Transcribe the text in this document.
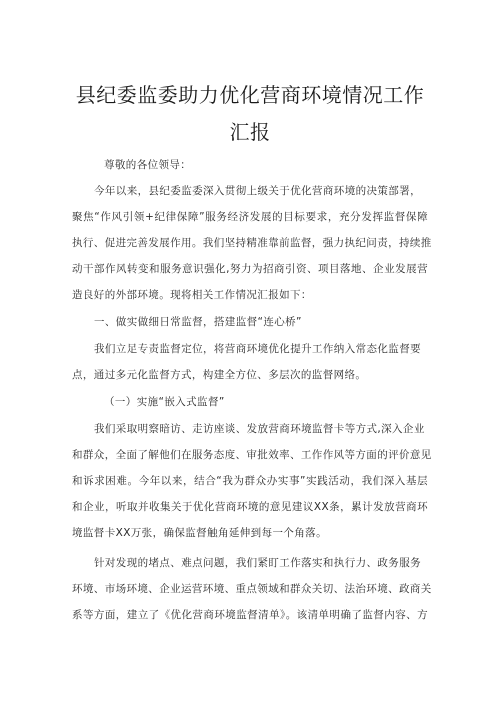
县纪委监委助力优化营商环境情况工作
汇报
尊敬的各位领导：
今年以来，县纪委监委深入贯彻上级关于优化营商环境的决策部署，
聚焦“作风引领+纪律保障”服务经济发展的目标要求，充分发挥监督保障
执行、促进完善发展作用。我们坚持精准靠前监督，强力执纪问责，持续推
动干部作风转变和服务意识强化,努力为招商引资、项目落地、企业发展营
造良好的外部环境。现将相关工作情况汇报如下：
一、做实做细日常监督，搭建监督“连心桥”
我们立足专责监督定位，将营商环境优化提升工作纳入常态化监督要
点，通过多元化监督方式，构建全方位、多层次的监督网络。
（一）实施“嵌入式监督”
我们采取明察暗访、走访座谈、发放营商环境监督卡等方式,深入企业
和群众，全面了解他们在服务态度、审批效率、工作作风等方面的评价意见
和诉求困难。今年以来，结合“我为群众办实事”实践活动，我们深入基层
和企业，听取并收集关于优化营商环境的意见建议XX条，累计发放营商环
境监督卡XX万张，确保监督触角延伸到每一个角落。
针对发现的堵点、难点问题，我们紧盯工作落实和执行力、政务服务
环境、市场环境、企业运营环境、重点领域和群众关切、法治环境、政商关
系等方面，建立了《优化营商环境监督清单》。该清单明确了监督内容、方
